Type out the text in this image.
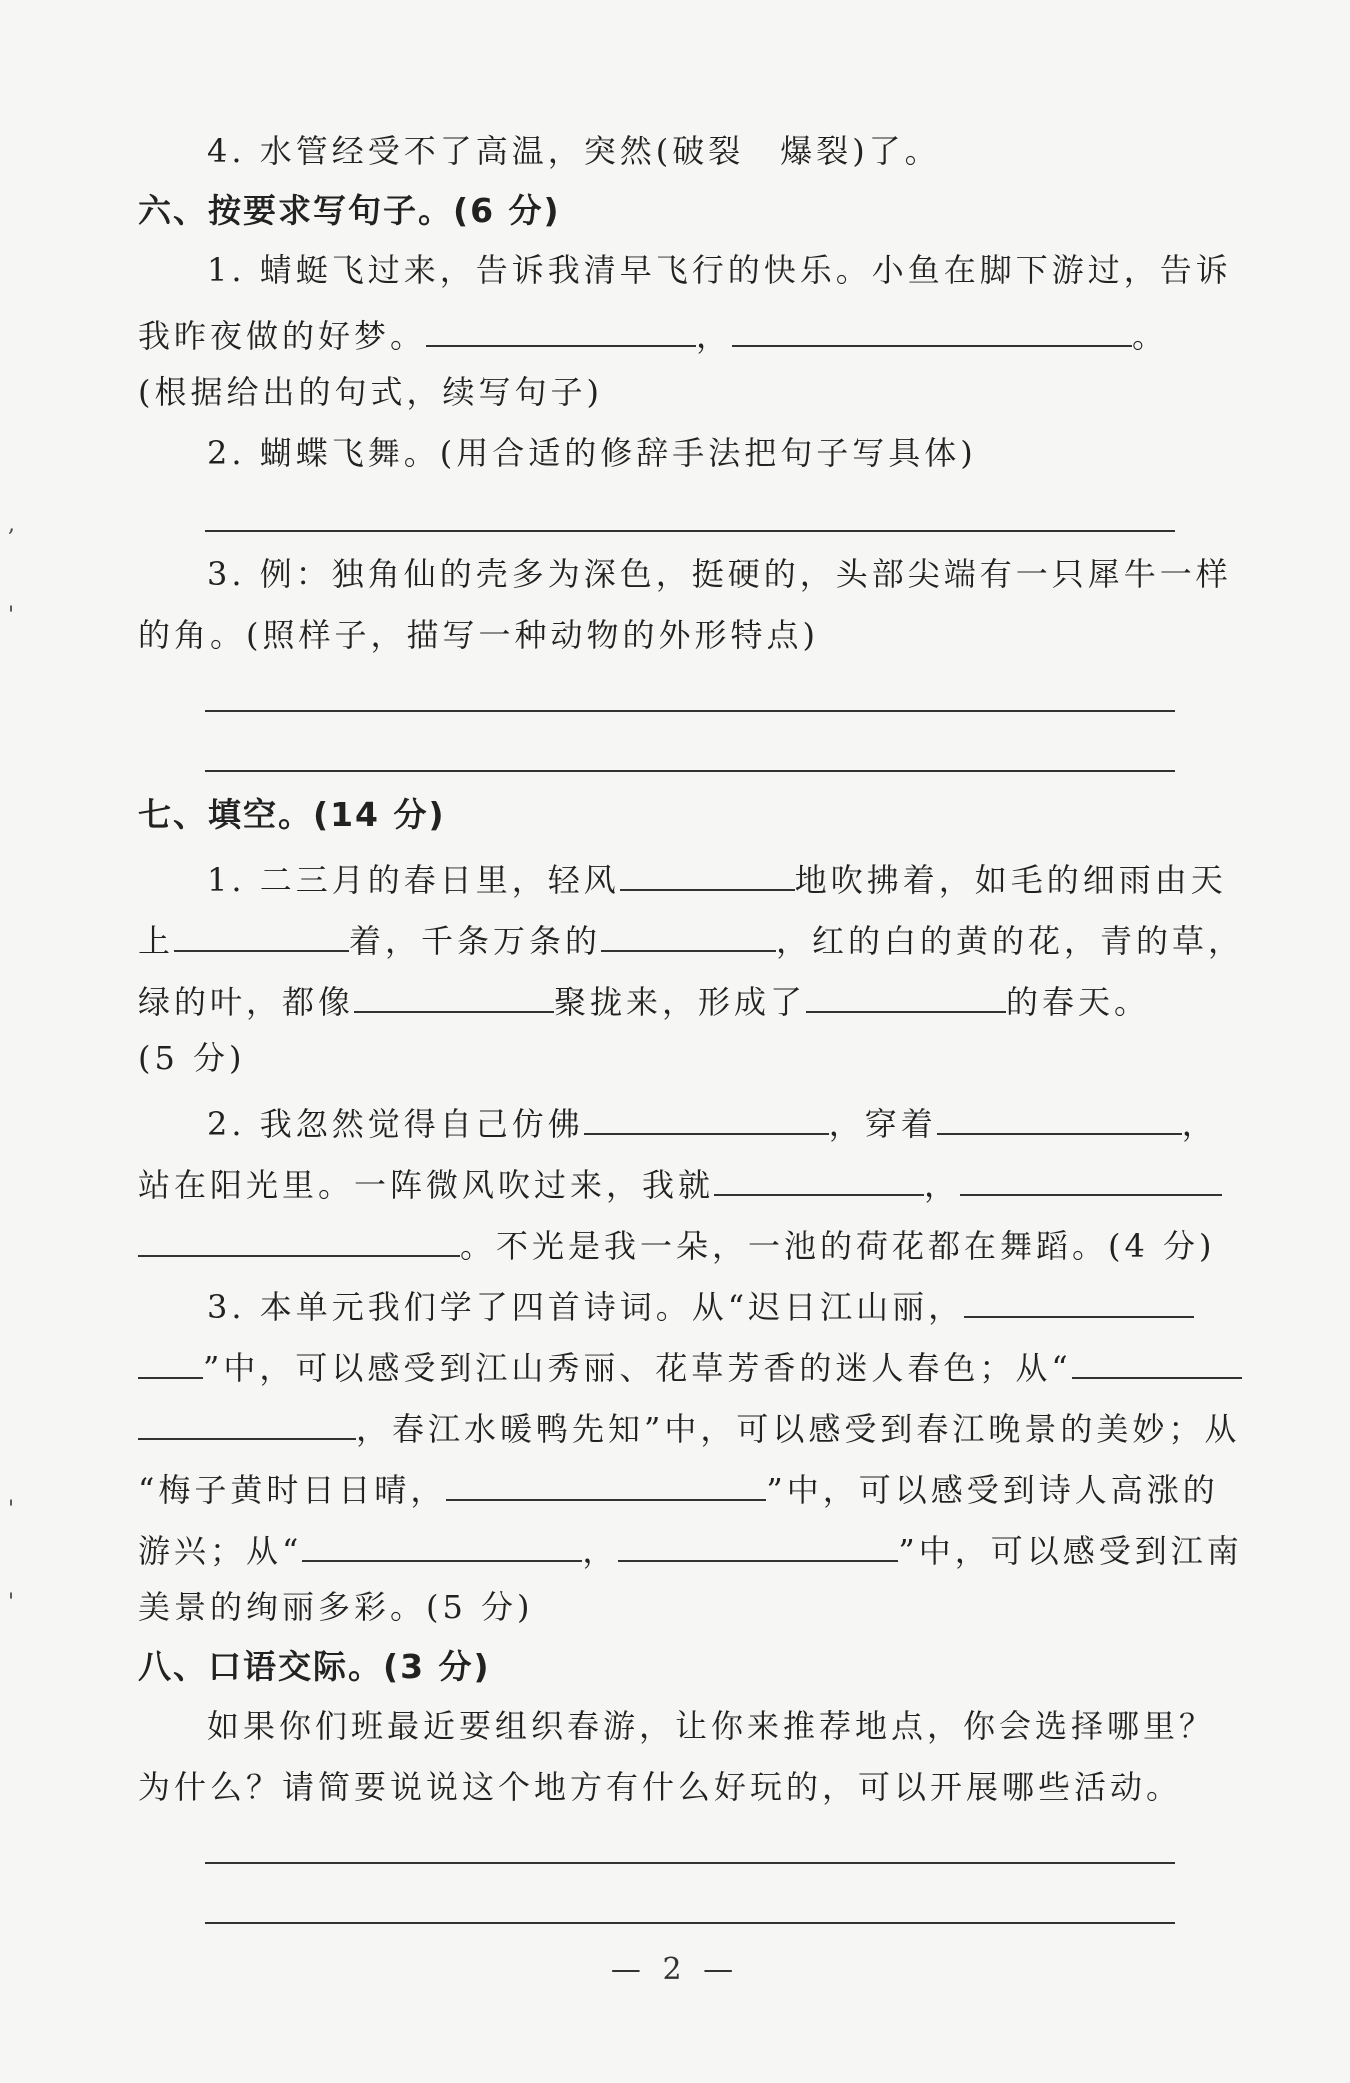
4. 水管经受不了高温，突然(破裂　爆裂)了。
六、按要求写句子。(6 分)
1. 蜻蜓飞过来，告诉我清早飞行的快乐。小鱼在脚下游过，告诉
我昨夜做的好梦。	，	。
(根据给出的句式，续写句子)
2. 蝴蝶飞舞。(用合适的修辞手法把句子写具体)
3. 例：独角仙的壳多为深色，挺硬的，头部尖端有一只犀牛一样
的角。(照样子，描写一种动物的外形特点)
七、填空。(14 分)
1. 二三月的春日里，轻风	地吹拂着，如毛的细雨由天
上	着，千条万条的	，红的白的黄的花，青的草，
绿的叶，都像	聚拢来，形成了	的春天。
(5 分)
2. 我忽然觉得自己仿佛	，穿着	，
站在阳光里。一阵微风吹过来，我就	，
。不光是我一朵，一池的荷花都在舞蹈。(4 分)
3. 本单元我们学了四首诗词。从“迟日江山丽，
”中，可以感受到江山秀丽、花草芳香的迷人春色；从“
，春江水暖鸭先知”中，可以感受到春江晚景的美妙；从
“梅子黄时日日晴，	”中，可以感受到诗人高涨的
游兴；从“	，	”中，可以感受到江南
美景的绚丽多彩。(5 分)
八、口语交际。(3 分)
如果你们班最近要组织春游，让你来推荐地点，你会选择哪里？
为什么？请简要说说这个地方有什么好玩的，可以开展哪些活动。
,
'
'
'
— 2 —
